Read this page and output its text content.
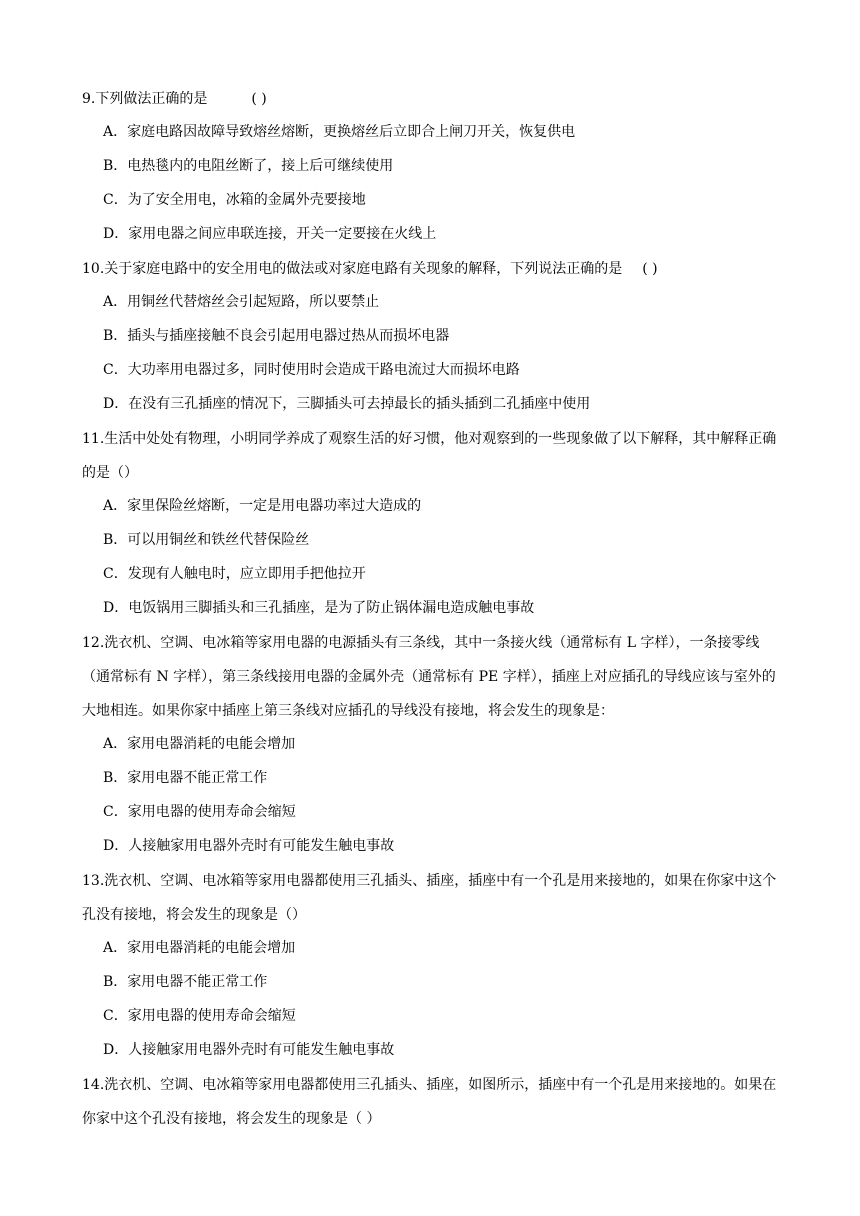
9.下列做法正确的是	( )
A．家庭电路因故障导致熔丝熔断，更换熔丝后立即合上闸刀开关，恢复供电
B．电热毯内的电阻丝断了，接上后可继续使用
C．为了安全用电，冰箱的金属外壳要接地
D．家用电器之间应串联连接，开关一定要接在火线上
10.关于家庭电路中的安全用电的做法或对家庭电路有关现象的解释，下列说法正确的是 ( )
A．用铜丝代替熔丝会引起短路，所以要禁止
B．插头与插座接触不良会引起用电器过热从而损坏电器
C．大功率用电器过多，同时使用时会造成干路电流过大而损坏电路
D．在没有三孔插座的情况下，三脚插头可去掉最长的插头插到二孔插座中使用
11.生活中处处有物理，小明同学养成了观察生活的好习惯，他对观察到的一些现象做了以下解释，其中解释正确的是（）
A．家里保险丝熔断，一定是用电器功率过大造成的
B．可以用铜丝和铁丝代替保险丝
C．发现有人触电时，应立即用手把他拉开
D．电饭锅用三脚插头和三孔插座，是为了防止锅体漏电造成触电事故
12.洗衣机、空调、电冰箱等家用电器的电源插头有三条线，其中一条接火线（通常标有 L 字样），一条接零线（通常标有 N 字样），第三条线接用电器的金属外壳（通常标有 PE 字样），插座上对应插孔的导线应该与室外的大地相连。如果你家中插座上第三条线对应插孔的导线没有接地，将会发生的现象是：
A．家用电器消耗的电能会增加
B．家用电器不能正常工作
C．家用电器的使用寿命会缩短
D．人接触家用电器外壳时有可能发生触电事故
13.洗衣机、空调、电冰箱等家用电器都使用三孔插头、插座，插座中有一个孔是用来接地的，如果在你家中这个孔没有接地，将会发生的现象是（）
A．家用电器消耗的电能会增加
B．家用电器不能正常工作
C．家用电器的使用寿命会缩短
D．人接触家用电器外壳时有可能发生触电事故
14.洗衣机、空调、电冰箱等家用电器都使用三孔插头、插座，如图所示，插座中有一个孔是用来接地的。如果在你家中这个孔没有接地，将会发生的现象是（ ）
